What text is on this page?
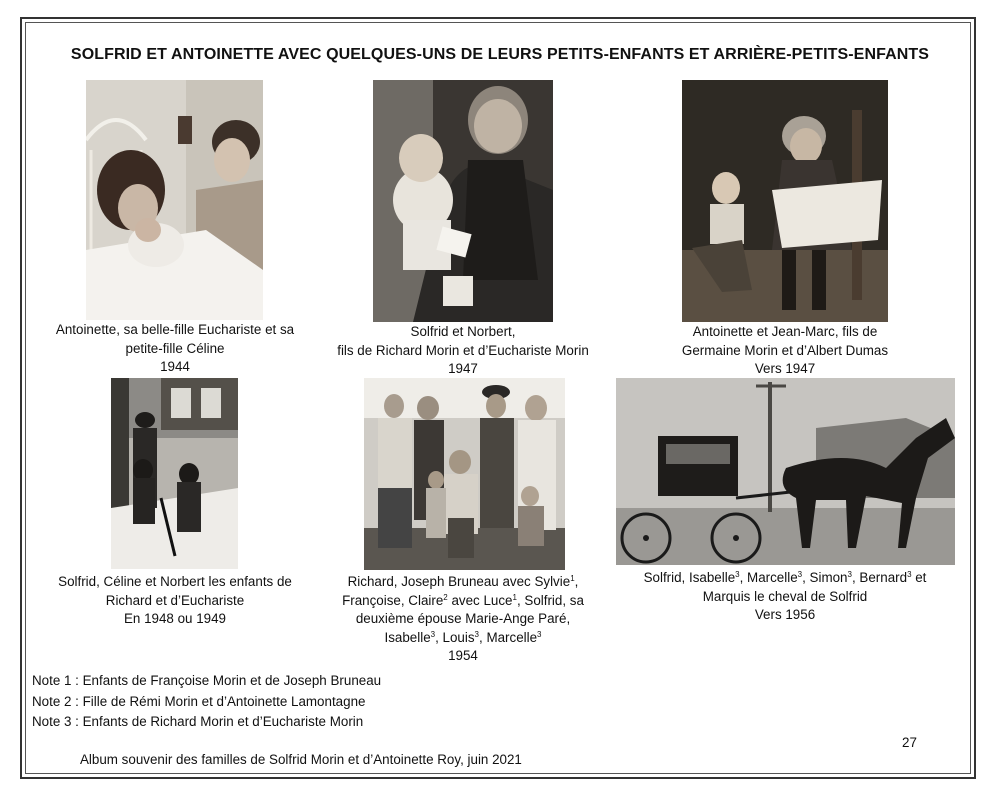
SOLFRID ET ANTOINETTE AVEC QUELQUES-UNS DE LEURS PETITS-ENFANTS ET ARRIÈRE-PETITS-ENFANTS
Antoinette, sa belle-fille Euchariste et sa
petite-fille Céline
1944
Solfrid et Norbert,
fils de Richard Morin et d’Euchariste Morin
1947
Antoinette et Jean-Marc, fils de
Germaine Morin et d’Albert Dumas
Vers 1947
Solfrid, Céline et Norbert les enfants de
Richard et d’Euchariste
En 1948 ou 1949
Richard, Joseph Bruneau avec Sylvie$^1$,
Françoise, Claire$^2$ avec Luce$^1$, Solfrid, sa
deuxième épouse Marie-Ange Paré,
Isabelle$^3$, Louis$^3$, Marcelle$^3$
1954
Solfrid, Isabelle$^3$, Marcelle$^3$, Simon$^3$, Bernard$^3$ et
Marquis le cheval de Solfrid
Vers 1956
Note 1 : Enfants de Françoise Morin et de Joseph Bruneau
Note 2 : Fille de Rémi Morin et d’Antoinette Lamontagne
Note 3 : Enfants de Richard Morin et d’Euchariste Morin
27
Album souvenir des familles de Solfrid Morin et d’Antoinette Roy, juin 2021
